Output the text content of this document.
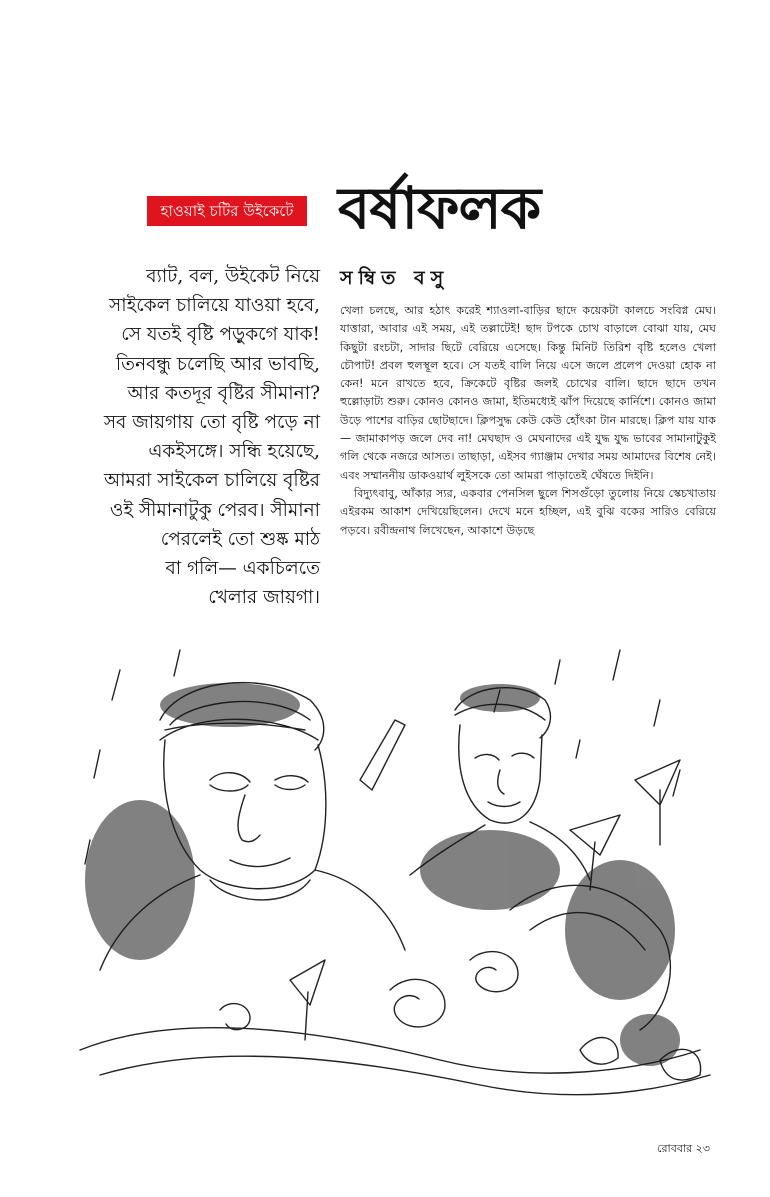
হাওয়াই চটির উইকেটে বর্ষাফলক
ব্যাট, বল, উইকেট নিয়ে
সাইকেল চালিয়ে যাওয়া হবে,
সে যতই বৃষ্টি পড়ুকগে যাক!
তিনবন্ধু চলেছি আর ভাবছি,
আর কতদূর বৃষ্টির সীমানা?
সব জায়গায় তো বৃষ্টি পড়ে না
একইসঙ্গে। সন্ধি হয়েছে,
আমরা সাইকেল চালিয়ে বৃষ্টির
ওই সীমানাটুকু পেরব। সীমানা
পেরলেই তো শুষ্ক মাঠ
বা গলি— একচিলতে
খেলার জায়গা।
সম্বিত বসু

খেলা চলছে, আর হঠাৎ করেই শ্যাওলা-বাড়ির ছাদে কয়েকটা কালচে সংবিগ্ন মেঘ। যাত্তারা, আবার এই সময়, এই তল্লাটেই! ছাদ টপকে চোখ বাড়ালে বোঝা যায়, মেঘ কিছুটা রংচটা, সাদার ছিটে বেরিয়ে এসেছে। কিন্তু মিনিট তিরিশ বৃষ্টি হলেও খেলা চৌপাট! প্রবল হুলস্থূল হবে। সে যতই বালি নিয়ে এসে জলে প্রলেপ দেওয়া হোক না কেন! মনে রাখতে হবে, ক্রিকেটে বৃষ্টির জলই চোখের বালি। ছাদে ছাদে তখন হুল্লোড়াট্য শুরু। কোনও কোনও জামা, ইতিমধ্যেই ঝাঁপ দিয়েছে কার্নিশে। কোনও জামা উড়ে পাশের বাড়ির ছোটছাদে। ক্লিপসুদ্ধ কেউ কেউ হোঁৎকা টান মারছে। ক্লিপ যায় যাক— জামাকাপড় জলে দেব না! মেঘছাদ ও মেঘনাদের এই যুদ্ধ যুদ্ধ ভাবের সামানাটুকুই গলি থেকে নজরে আসত। তাছাড়া, এইসব গ্যাঞ্জাম দেখার সময় আমাদের বিশেষ নেই। এবং সম্মাননীয় ডাকওয়ার্থ লুইসকে তো আমরা পাড়াতেই ঘেঁষতে দিইনি।

বিদ্যুৎবাবু, আঁকার স্যর, একবার পেনসিল ছুলে শিসগুঁড়ো তুলোয় নিয়ে স্কেচখাতায় এইরকম আকাশ দেখিয়েছিলেন। দেখে মনে হচ্ছিল, এই বুঝি বকের সারিও বেরিয়ে পড়বে। রবীন্দ্রনাথ লিখেছেন, আকাশে উড়ছে

রোববার ২৩
